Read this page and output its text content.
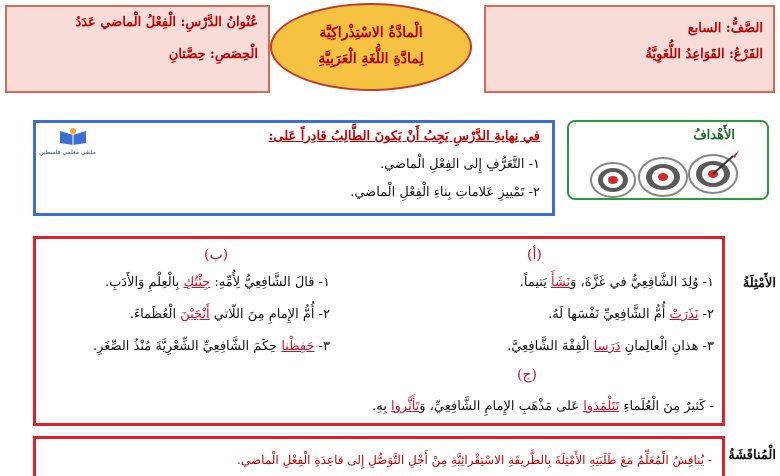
الصَّفُّ: السابع
الفَرْعُ: القَوَاعِدُ اللُّغَوِيَّةُ
الْمادَّةُ الاسْتِذْراكِيَّة
لِمادَّةِ اللُّغَةِ الْعَرَبِيَّةِ
عُنْوانُ الدَّرْسِ: الْفِعْلُ الْماضي عَدَدُ
الْحِصَصِ: حِصَّتانِ
الأَهْدافُ
في نِهايةِ الدَّرْسِ يَجِبُ أَنْ يَكونَ الطَّالِبُ قادِراً عَلى:
١- التَّعَرُّفِ إِلى الفِعْلِ الْماضي.
٢- تَمْييزِ عَلاماتِ بِناءِ الْفِعْلِ الْماضي.
ملتقى معلمي فلسطين
الأَمْثِلَةُ
(أ)
(ب)
١- وُلِدَ الشَّافِعِيُّ في غَزَّةَ، وَنَشَأَ يَتيماً.
٢- نَذَرَتْ أُمُّ الشَّافِعِيِّ نَفْسَها لَهُ.
٣- هذانِ الْعالِمانِ دَرَسا الْفِقْهَ الشَّافِعِيَّ.
١- قالَ الشَّافِعِيُّ لِأُمِّهِ: جِئْتُكِ بِالْعِلْمِ وَالأَدَبِ.
٢- أُمُّ الإِمامِ مِنَ اللّاتي أَنْجَبْنَ الْعُظَماءَ.
٣- حَفِظْنا حِكَمَ الشَّافِعِيِّ الشِّعْرِيَّةَ مُنْذُ الصِّغَرِ.
(ج)
- كَثيرٌ مِنَ الْعُلَماءِ تَتَلْمَذوا عَلى مَذْهَبِ الإِمامِ الشَّافِعِيِّ، وَتَأَثَّروا بِهِ.
الْمُناقَشَةُ
- يُناقِشُ الْمُعَلِّمُ مَعَ طَلَبَتِهِ الأَمْثِلَةَ بِالطَّريقَةِ الاسْتِقْرائِيَّةِ مِنْ أَجْلِ التَّوَصُّلِ إِلى قاعِدَةِ الْفِعْلِ الْماضي.
